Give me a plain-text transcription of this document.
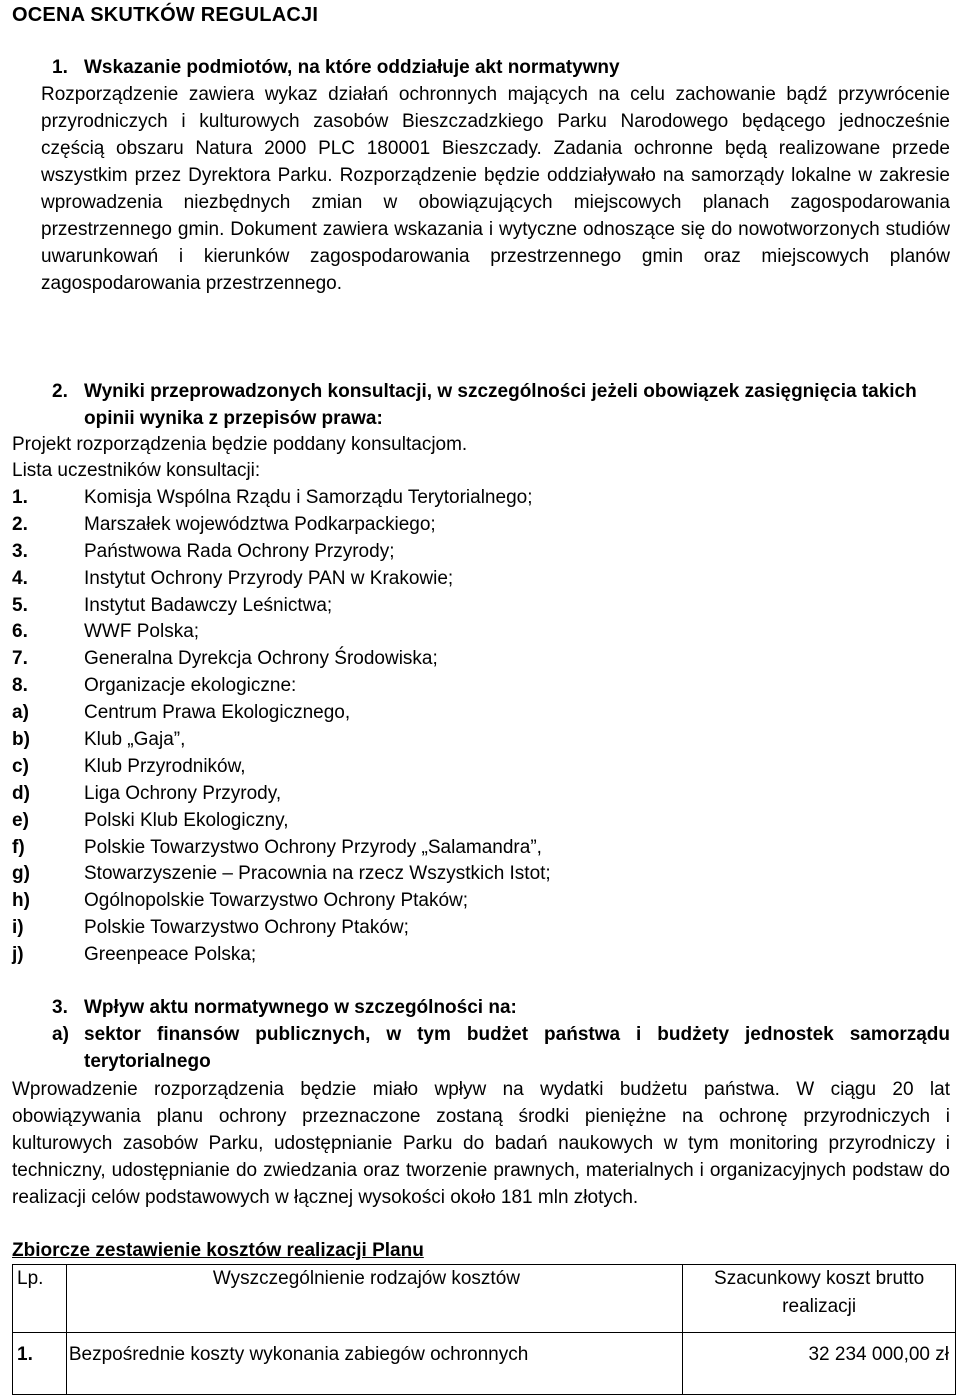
OCENA SKUTKÓW REGULACJI
1. Wskazanie podmiotów, na które oddziałuje akt normatywny
Rozporządzenie zawiera wykaz działań ochronnych mających na celu zachowanie bądź przywrócenie przyrodniczych i kulturowych zasobów Bieszczadzkiego Parku Narodowego będącego jednocześnie częścią obszaru Natura 2000 PLC 180001 Bieszczady. Zadania ochronne będą realizowane przede wszystkim przez Dyrektora Parku. Rozporządzenie będzie oddziaływało na samorządy lokalne w zakresie wprowadzenia niezbędnych zmian w obowiązujących miejscowych planach zagospodarowania przestrzennego gmin. Dokument zawiera wskazania i wytyczne odnoszące się do nowotworzonych studiów uwarunkowań i kierunków zagospodarowania przestrzennego gmin oraz miejscowych planów zagospodarowania przestrzennego.
2. Wyniki przeprowadzonych konsultacji, w szczególności jeżeli obowiązek zasięgnięcia takich opinii wynika z przepisów prawa:
Projekt rozporządzenia będzie poddany konsultacjom.
Lista uczestników konsultacji:
1.	Komisja Wspólna Rządu i Samorządu Terytorialnego;
2.	Marszałek województwa Podkarpackiego;
3.	Państwowa Rada Ochrony Przyrody;
4.	Instytut Ochrony Przyrody PAN w Krakowie;
5.	Instytut Badawczy Leśnictwa;
6.	WWF Polska;
7.	Generalna Dyrekcja Ochrony Środowiska;
8.	Organizacje ekologiczne:
a)	Centrum Prawa Ekologicznego,
b)	Klub „Gaja”,
c)	Klub Przyrodników,
d)	Liga Ochrony Przyrody,
e)	Polski Klub Ekologiczny,
f)	Polskie Towarzystwo Ochrony Przyrody „Salamandra”,
g)	Stowarzyszenie – Pracownia na rzecz Wszystkich Istot;
h)	Ogólnopolskie Towarzystwo Ochrony Ptaków;
i)	Polskie Towarzystwo Ochrony Ptaków;
j)	Greenpeace Polska;
3. Wpływ aktu normatywnego w szczególności na:
a) sektor finansów publicznych, w tym budżet państwa i budżety jednostek samorządu terytorialnego
Wprowadzenie rozporządzenia będzie miało wpływ na wydatki budżetu państwa. W ciągu 20 lat obowiązywania planu ochrony przeznaczone zostaną środki pieniężne na ochronę przyrodniczych i kulturowych zasobów Parku, udostępnianie Parku do badań naukowych w tym monitoring przyrodniczy i techniczny, udostępnianie do zwiedzania oraz tworzenie prawnych, materialnych i organizacyjnych podstaw do realizacji celów podstawowych w łącznej wysokości około 181 mln złotych.
Zbiorcze zestawienie kosztów realizacji Planu
Lp.	Wyszczególnienie rodzajów kosztów	Szacunkowy koszt brutto realizacji
1.	Bezpośrednie koszty wykonania zabiegów ochronnych	32 234 000,00 zł
